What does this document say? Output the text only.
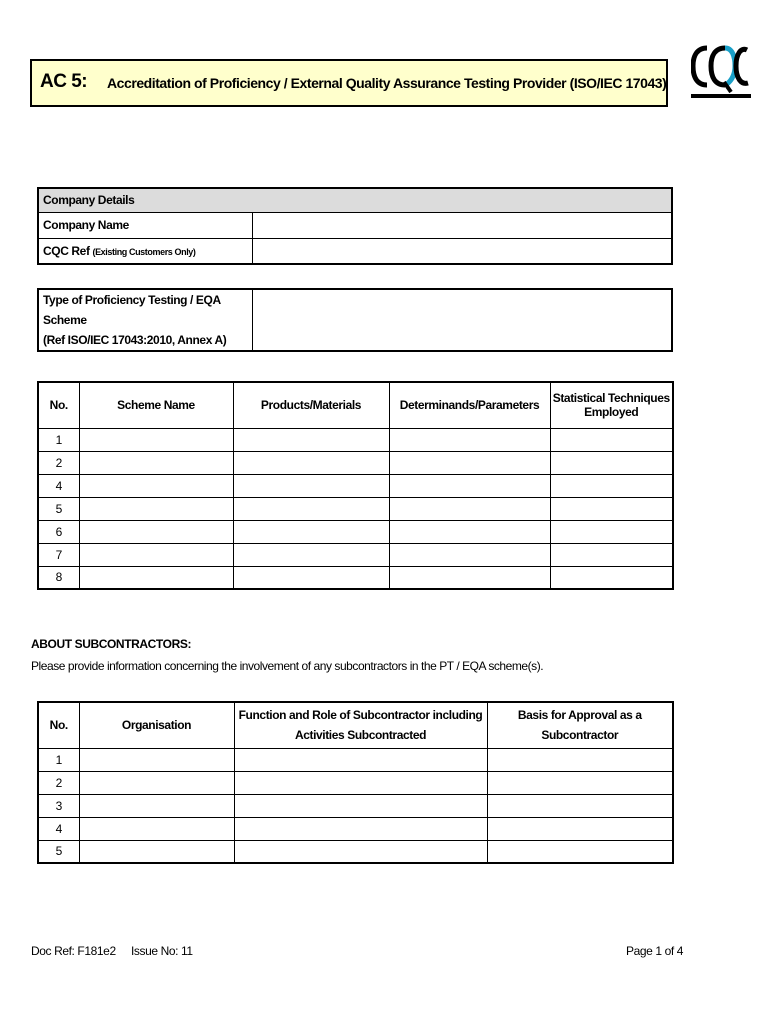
AC 5: Accreditation of Proficiency / External Quality Assurance Testing Provider (ISO/IEC 17043)
Company Details	
Company Name	
CQC Ref (Existing Customers Only)	
Type of Proficiency Testing / EQA Scheme
(Ref ISO/IEC 17043:2010, Annex A)

No.	Scheme Name	Products/Materials	Determinands/Parameters	Statistical Techniques Employed
1				
2				
4				
5				
6				
7				
8				
ABOUT SUBCONTRACTORS:
Please provide information concerning the involvement of any subcontractors in the PT / EQA scheme(s).
No.	Organisation	Function and Role of Subcontractor including Activities Subcontracted	Basis for Approval as a Subcontractor
1			
2			
3			
4			
5			
Doc Ref: F181e2 Issue No: 11	Page 1 of 4
